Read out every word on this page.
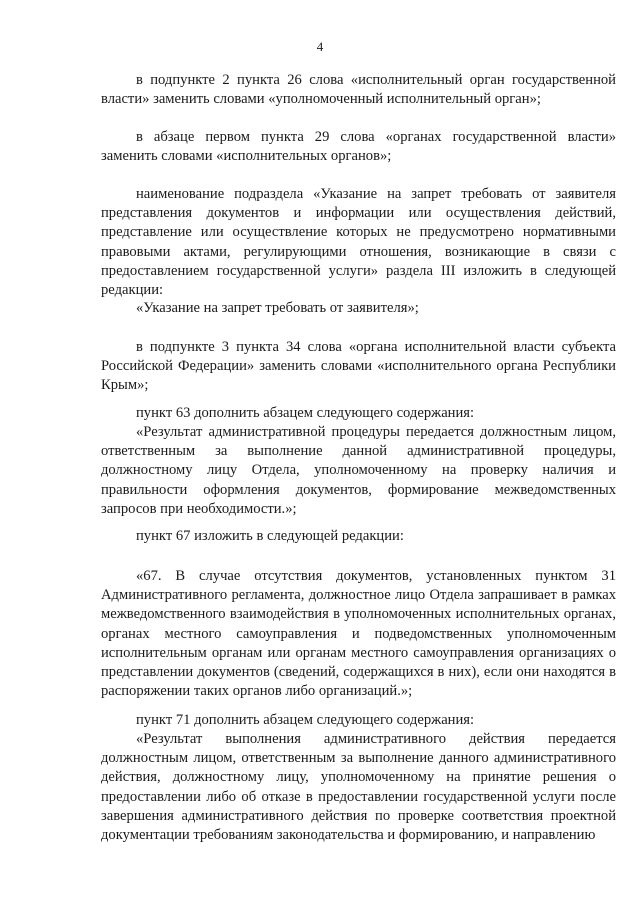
4

в подпункте 2 пункта 26 слова «исполнительный орган государственной власти» заменить словами «уполномоченный исполнительный орган»;

в абзаце первом пункта 29 слова «органах государственной власти» заменить словами «исполнительных органов»;

наименование подраздела «Указание на запрет требовать от заявителя представления документов и информации или осуществления действий, представление или осуществление которых не предусмотрено нормативными правовыми актами, регулирующими отношения, возникающие в связи с предоставлением государственной услуги» раздела III изложить в следующей редакции:

«Указание на запрет требовать от заявителя»;

в подпункте 3 пункта 34 слова «органа исполнительной власти субъекта Российской Федерации» заменить словами «исполнительного органа Республики Крым»;

пункт 63 дополнить абзацем следующего содержания:

«Результат административной процедуры передается должностным лицом, ответственным за выполнение данной административной процедуры, должностному лицу Отдела, уполномоченному на проверку наличия и правильности оформления документов, формирование межведомственных запросов при необходимости.»;

пункт 67 изложить в следующей редакции:

«67. В случае отсутствия документов, установленных пунктом 31 Административного регламента, должностное лицо Отдела запрашивает в рамках межведомственного взаимодействия в уполномоченных исполнительных органах, органах местного самоуправления и подведомственных уполномоченным исполнительным органам или органам местного самоуправления организациях о представлении документов (сведений, содержащихся в них), если они находятся в распоряжении таких органов либо организаций.»;

пункт 71 дополнить абзацем следующего содержания:

«Результат выполнения административного действия передается должностным лицом, ответственным за выполнение данного административного действия, должностному лицу, уполномоченному на принятие решения о предоставлении либо об отказе в предоставлении государственной услуги после завершения административного действия по проверке соответствия проектной документации требованиям законодательства и формированию, и направлению
